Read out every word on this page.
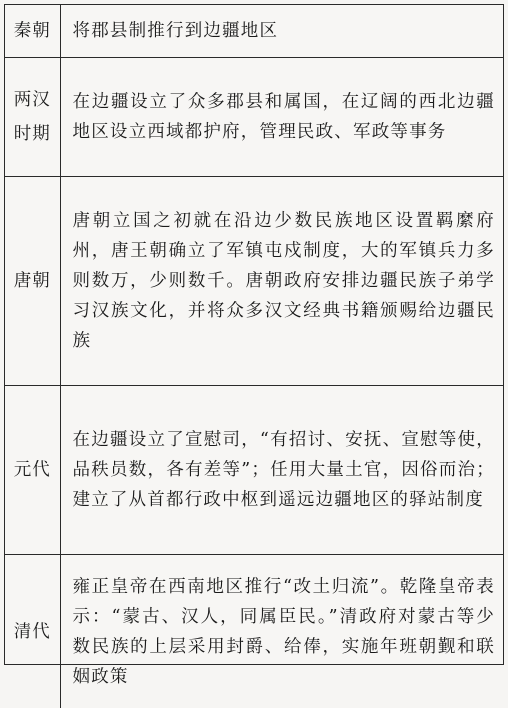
秦朝	将郡县制推行到边疆地区
两汉时期	在边疆设立了众多郡县和属国，在辽阔的西北边疆地区设立西域都护府，管理民政、军政等事务
唐朝	唐朝立国之初就在沿边少数民族地区设置羁縻府州，唐王朝确立了军镇屯戍制度，大的军镇兵力多则数万，少则数千。唐朝政府安排边疆民族子弟学习汉族文化，并将众多汉文经典书籍颁赐给边疆民族
元代	在边疆设立了宣慰司，“有招讨、安抚、宣慰等使，品秩员数，各有差等”；任用大量土官，因俗而治；建立了从首都行政中枢到遥远边疆地区的驿站制度
清代	雍正皇帝在西南地区推行“改土归流”。乾隆皇帝表示：“蒙古、汉人，同属臣民。”清政府对蒙古等少数民族的上层采用封爵、给俸，实施年班朝觐和联姻政策
